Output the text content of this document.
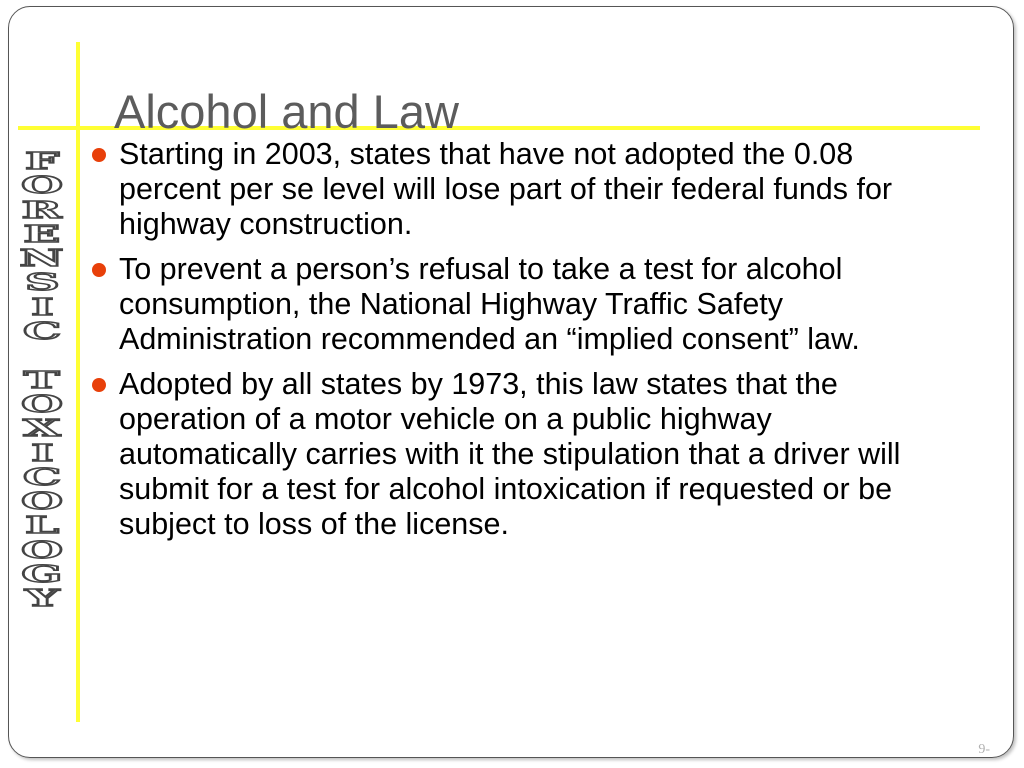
Alcohol and Law
F
O
R
E
N
S
I
C
T
O
X
I
C
O
L
O
G
Y
Starting in 2003, states that have not adopted the 0.08 percent per se level will lose part of their federal funds for highway construction.
To prevent a person’s refusal to take a test for alcohol consumption, the National Highway Traffic Safety Administration recommended an “implied consent” law.
Adopted by all states by 1973, this law states that the operation of a motor vehicle on a public highway automatically carries with it the stipulation that a driver will submit for a test for alcohol intoxication if requested or be subject to loss of the license.
9-
